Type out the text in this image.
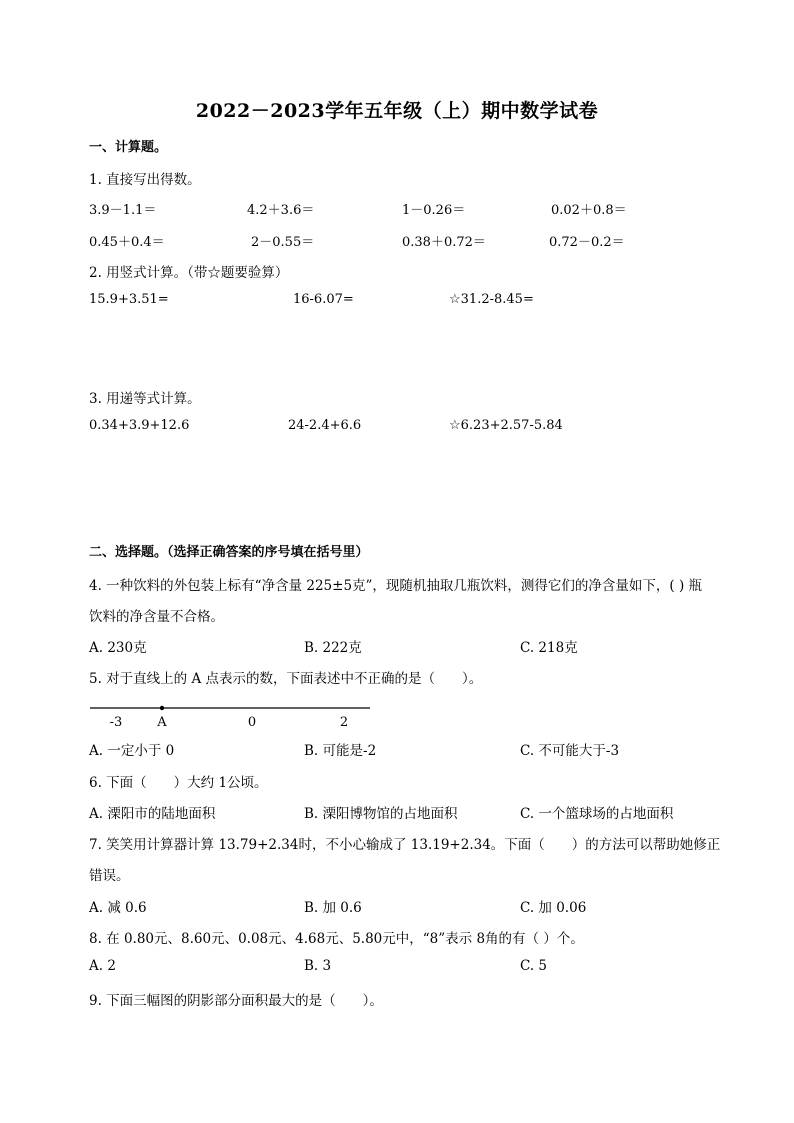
2022－2023学年五年级（上）期中数学试卷
一、计算题。
1. 直接写出得数。
3.9－1.1＝	4.2＋3.6＝	1－0.26＝	0.02＋0.8＝
0.45＋0.4＝	2－0.55＝	0.38＋0.72＝	0.72－0.2＝
2. 用竖式计算。（带☆题要验算）
15.9+3.51=	16-6.07=	☆31.2-8.45=
3. 用递等式计算。
0.34+3.9+12.6	24-2.4+6.6	☆6.23+2.57-5.84
二、选择题。（选择正确答案的序号填在括号里）
4. 一种饮料的外包装上标有“净含量 225±5克”，现随机抽取几瓶饮料，测得它们的净含量如下，( ) 瓶
饮料的净含量不合格。
A. 230克	B. 222克	C. 218克
5. 对于直线上的 A 点表示的数，下面表述中不正确的是（　　）。
-3	A	0	2
A. 一定小于 0	B. 可能是-2	C. 不可能大于-3
6. 下面（　　）大约 1公顷。
A. 溧阳市的陆地面积	B. 溧阳博物馆的占地面积	C. 一个篮球场的占地面积
7. 笑笑用计算器计算 13.79+2.34时，不小心输成了 13.19+2.34。下面（　　）的方法可以帮助她修正
错误。
A. 减 0.6	B. 加 0.6	C. 加 0.06
8. 在 0.80元、8.60元、0.08元、4.68元、5.80元中，“8”表示 8角的有（ ）个。
A. 2	B. 3	C. 5
9. 下面三幅图的阴影部分面积最大的是（　　）。
